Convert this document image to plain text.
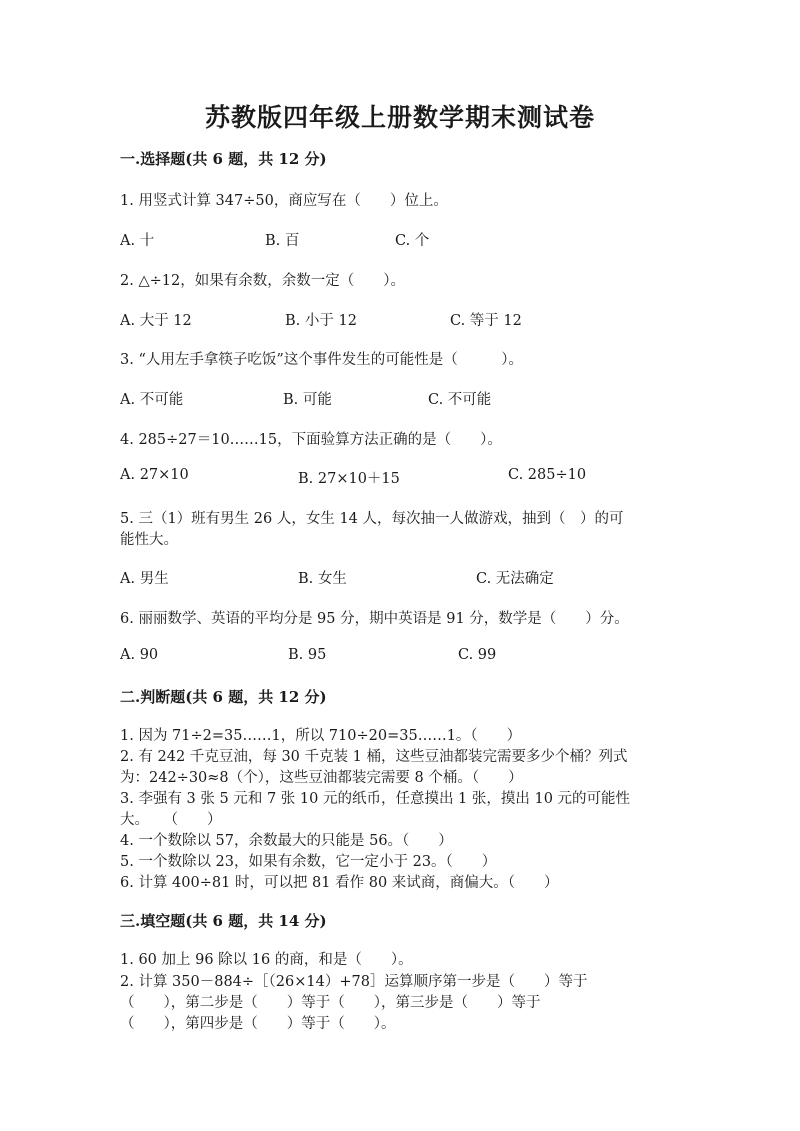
苏教版四年级上册数学期末测试卷
一.选择题(共 6 题，共 12 分)
1. 用竖式计算 347÷50，商应写在（　　）位上。
A. 十	B. 百	C. 个
2. △÷12，如果有余数，余数一定（　　）。
A. 大于 12	B. 小于 12	C. 等于 12
3. “人用左手拿筷子吃饭”这个事件发生的可能性是（　　　）。
A. 不可能	B. 可能	C. 不可能
4. 285÷27＝10……15，下面验算方法正确的是（　　）。
A. 27×10	B. 27×10＋15	C. 285÷10
5. 三（1）班有男生 26 人，女生 14 人，每次抽一人做游戏，抽到（　）的可
能性大。
A. 男生	B. 女生	C. 无法确定
6. 丽丽数学、英语的平均分是 95 分，期中英语是 91 分，数学是（　　）分。
A. 90	B. 95	C. 99
二.判断题(共 6 题，共 12 分)
1. 因为 71÷2=35……1，所以 710÷20=35……1。（　　）
2. 有 242 千克豆油，每 30 千克装 1 桶，这些豆油都装完需要多少个桶？列式
为：242÷30≈8（个），这些豆油都装完需要 8 个桶。（　　）
3. 李强有 3 张 5 元和 7 张 10 元的纸币，任意摸出 1 张，摸出 10 元的可能性
大。　　（　　）
4. 一个数除以 57，余数最大的只能是 56。（　　）
5. 一个数除以 23，如果有余数，它一定小于 23。（　　）
6. 计算 400÷81 时，可以把 81 看作 80 来试商，商偏大。（　　）
三.填空题(共 6 题，共 14 分)
1. 60 加上 96 除以 16 的商，和是（　　）。
2. 计算 350－884÷［（26×14）+78］运算顺序第一步是（　　）等于
（　　），第二步是（　　）等于（　　），第三步是（　　）等于
（　　），第四步是（　　）等于（　　）。
